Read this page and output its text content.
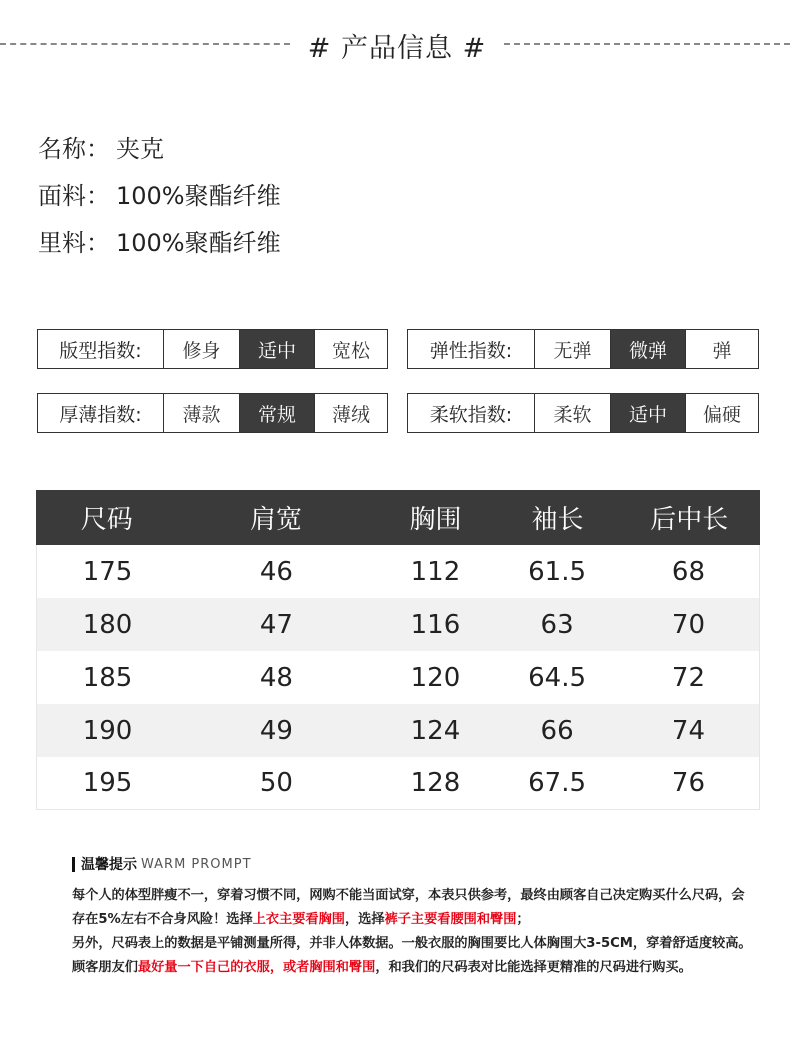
# 产品信息 #
名称： 夹克
面料： 100%聚酯纤维
里料： 100%聚酯纤维
版型指数:	修身	适中	宽松	弹性指数:	无弹	微弹	弹
厚薄指数:	薄款	常规	薄绒	柔软指数:	柔软	适中	偏硬
尺码	肩宽	胸围	袖长	后中长
175	46	112	61.5	68
180	47	116	63	70
185	48	120	64.5	72
190	49	124	66	74
195	50	128	67.5	76
温馨提示 WARM PROMPT
每个人的体型胖瘦不一，穿着习惯不同，网购不能当面试穿，本表只供参考，最终由顾客自己决定购买什么尺码，会存在5%左右不合身风险！选择上衣主要看胸围，选择裤子主要看腰围和臀围；
另外，尺码表上的数据是平铺测量所得，并非人体数据。一般衣服的胸围要比人体胸围大3-5CM，穿着舒适度较高。顾客朋友们最好量一下自己的衣服，或者胸围和臀围，和我们的尺码表对比能选择更精准的尺码进行购买。
